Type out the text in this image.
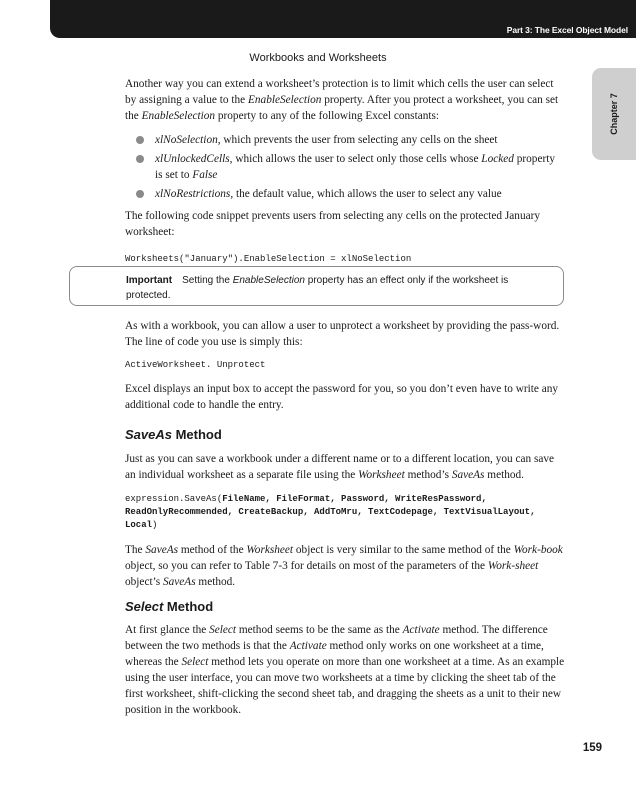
Part 3: The Excel Object Model
Workbooks and Worksheets
Chapter 7

Another way you can extend a worksheet’s protection is to limit which cells the user can select by assigning a value to the EnableSelection property. After you protect a worksheet, you can set the EnableSelection property to any of the following Excel constants:

xlNoSelection, which prevents the user from selecting any cells on the sheet
xlUnlockedCells, which allows the user to select only those cells whose Locked property is set to False
xlNoRestrictions, the default value, which allows the user to select any value

The following code snippet prevents users from selecting any cells on the protected January worksheet:

Worksheets("January").EnableSelection = xlNoSelection

Important Setting the EnableSelection property has an effect only if the worksheet is protected.

As with a workbook, you can allow a user to unprotect a worksheet by providing the pass-word. The line of code you use is simply this:

ActiveWorksheet. Unprotect

Excel displays an input box to accept the password for you, so you don’t even have to write any additional code to handle the entry.

SaveAs Method

Just as you can save a workbook under a different name or to a different location, you can save an individual worksheet as a separate file using the Worksheet method’s SaveAs method.

expression.SaveAs(FileName, FileFormat, Password, WriteResPassword, ReadOnlyRecommended, CreateBackup, AddToMru, TextCodepage, TextVisualLayout, Local)

The SaveAs method of the Worksheet object is very similar to the same method of the Work-book object, so you can refer to Table 7-3 for details on most of the parameters of the Work-sheet object’s SaveAs method.

Select Method

At first glance the Select method seems to be the same as the Activate method. The difference between the two methods is that the Activate method only works on one worksheet at a time, whereas the Select method lets you operate on more than one worksheet at a time. As an example using the user interface, you can move two worksheets at a time by clicking the sheet tab of the first worksheet, shift-clicking the second sheet tab, and dragging the sheets as a unit to their new position in the workbook.

159
